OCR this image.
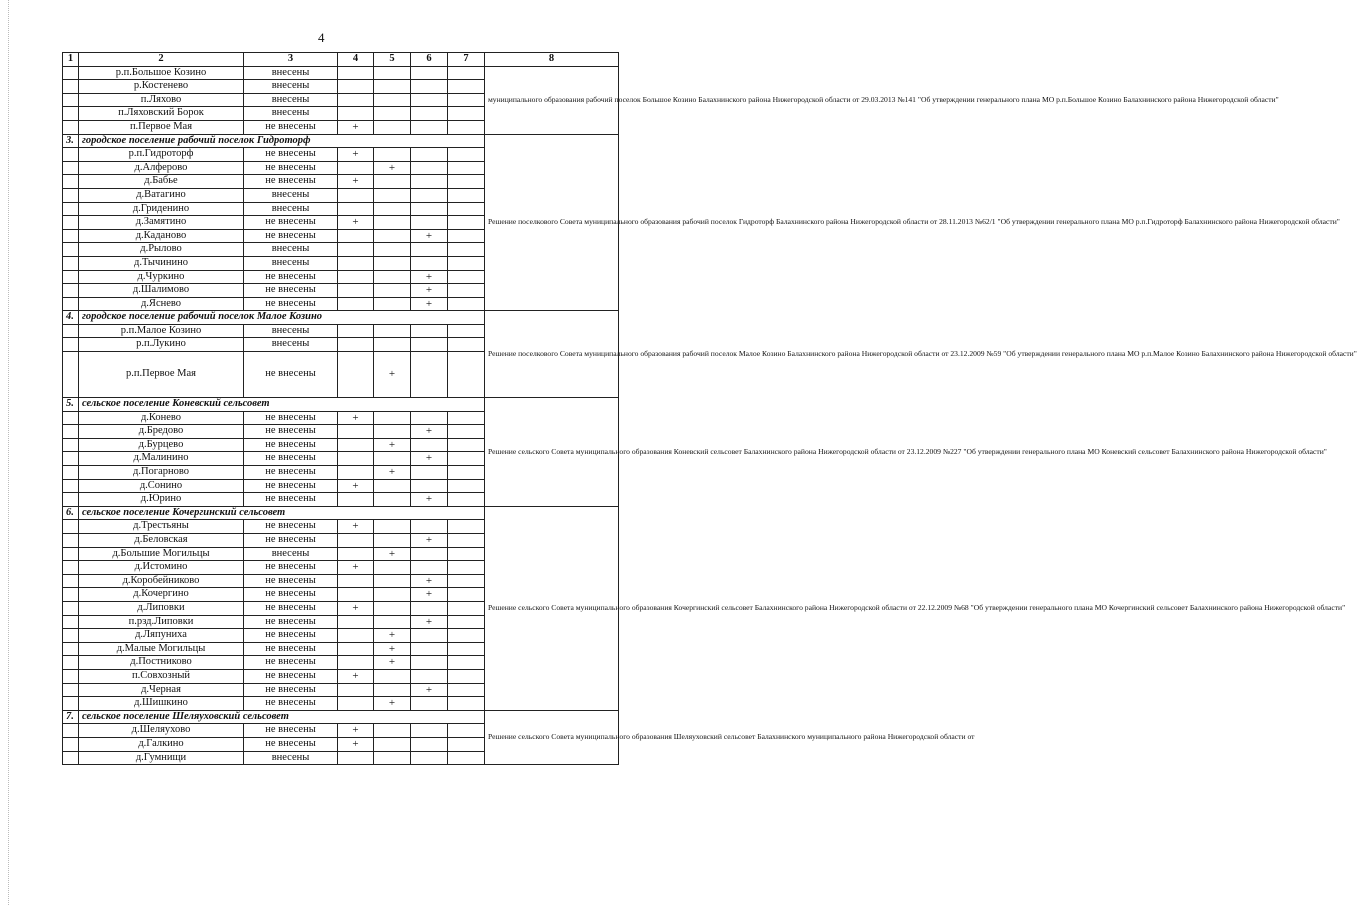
4
1	2	3	4	5	6	7	8
	р.п.Большое Козино	внесены					муниципального образования рабочий поселок Большое Козино Балахнинского района Нижегородской области от 29.03.2013 №141 "Об утверждении генерального плана МО р.п.Большое Козино Балахнинского района Нижегородской области"
	р.Костенево	внесены					
	п.Ляхово	внесены					
	п.Ляховский Борок	внесены					
	п.Первое Мая	не внесены	+				
3.	городское поселение рабочий поселок Гидроторф						Решение поселкового Совета муниципального образования рабочий поселок Гидроторф Балахнинского района Нижегородской области от 28.11.2013 №62/1 "Об утверждении генерального плана МО р.п.Гидроторф Балахнинского района Нижегородской области"
	р.п.Гидроторф	не внесены	+				
	д.Алферово	не внесены		+			
	д.Бабье	не внесены	+				
	д.Ватагино	внесены					
	д.Гриденино	внесены					
	д.Замятино	не внесены	+				
	д.Кадановo	не внесены			+		
	д.Рылово	внесены					
	д.Тычинино	внесены					
	д.Чуркино	не внесены			+		
	д.Шалимово	не внесены			+		
	д.Яснево	не внесены			+		
4.	городское поселение рабочий поселок Малое Козино						Решение поселкового Совета муниципального образования рабочий поселок Малое Козино Балахнинского района Нижегородской области от 23.12.2009 №59 "Об утверждении генерального плана МО р.п.Малое Козино Балахнинского района Нижегородской области"
	р.п.Малое Козино	внесены					
	р.п.Лукино	внесены					
	р.п.Первое Мая	не внесены		+			
5.	сельское поселение Коневский сельсовет						Решение сельского Совета муниципального образования Коневский сельсовет Балахнинского района Нижегородской области от 23.12.2009 №227 "Об утверждении генерального плана МО Коневский сельсовет Балахнинского района Нижегородской области"
	д.Конево	не внесены	+				
	д.Бредово	не внесены			+		
	д.Бурцево	не внесены		+			
	д.Малинино	не внесены			+		
	д.Погарново	не внесены		+			
	д.Сонино	не внесены	+				
	д.Юрино	не внесены			+		
6.	сельское поселение Кочергинский сельсовет						Решение сельского Совета муниципального образования Кочергинский сельсовет Балахнинского района Нижегородской области от 22.12.2009 №68 "Об утверждении генерального плана МО Кочергинский сельсовет Балахнинского района Нижегородской области"
	д.Трестьяны	не внесены	+				
	д.Беловская	не внесены			+		
	д.Большие Могильцы	внесены		+			
	д.Истомино	не внесены	+				
	д.Коробейниково	не внесены			+		
	д.Кочергино	не внесены			+		
	д.Липовки	не внесены	+				
	п.рзд.Липовки	не внесены			+		
	д.Ляпуниха	не внесены		+			
	д.Малые Могильцы	не внесены		+			
	д.Постниково	не внесены		+			
	п.Совхозный	не внесены	+				
	д.Черная	не внесены			+		
	д.Шишкино	не внесены		+			
7.	сельское поселение Шеляуховский сельсовет						Решение сельского Совета муниципального образования Шеляуховский сельсовет Балахнинского муниципального района Нижегородской области от
	д.Шеляухово	не внесены	+				
	д.Галкино	не внесены	+				
	д.Гумнищи	внесены					
